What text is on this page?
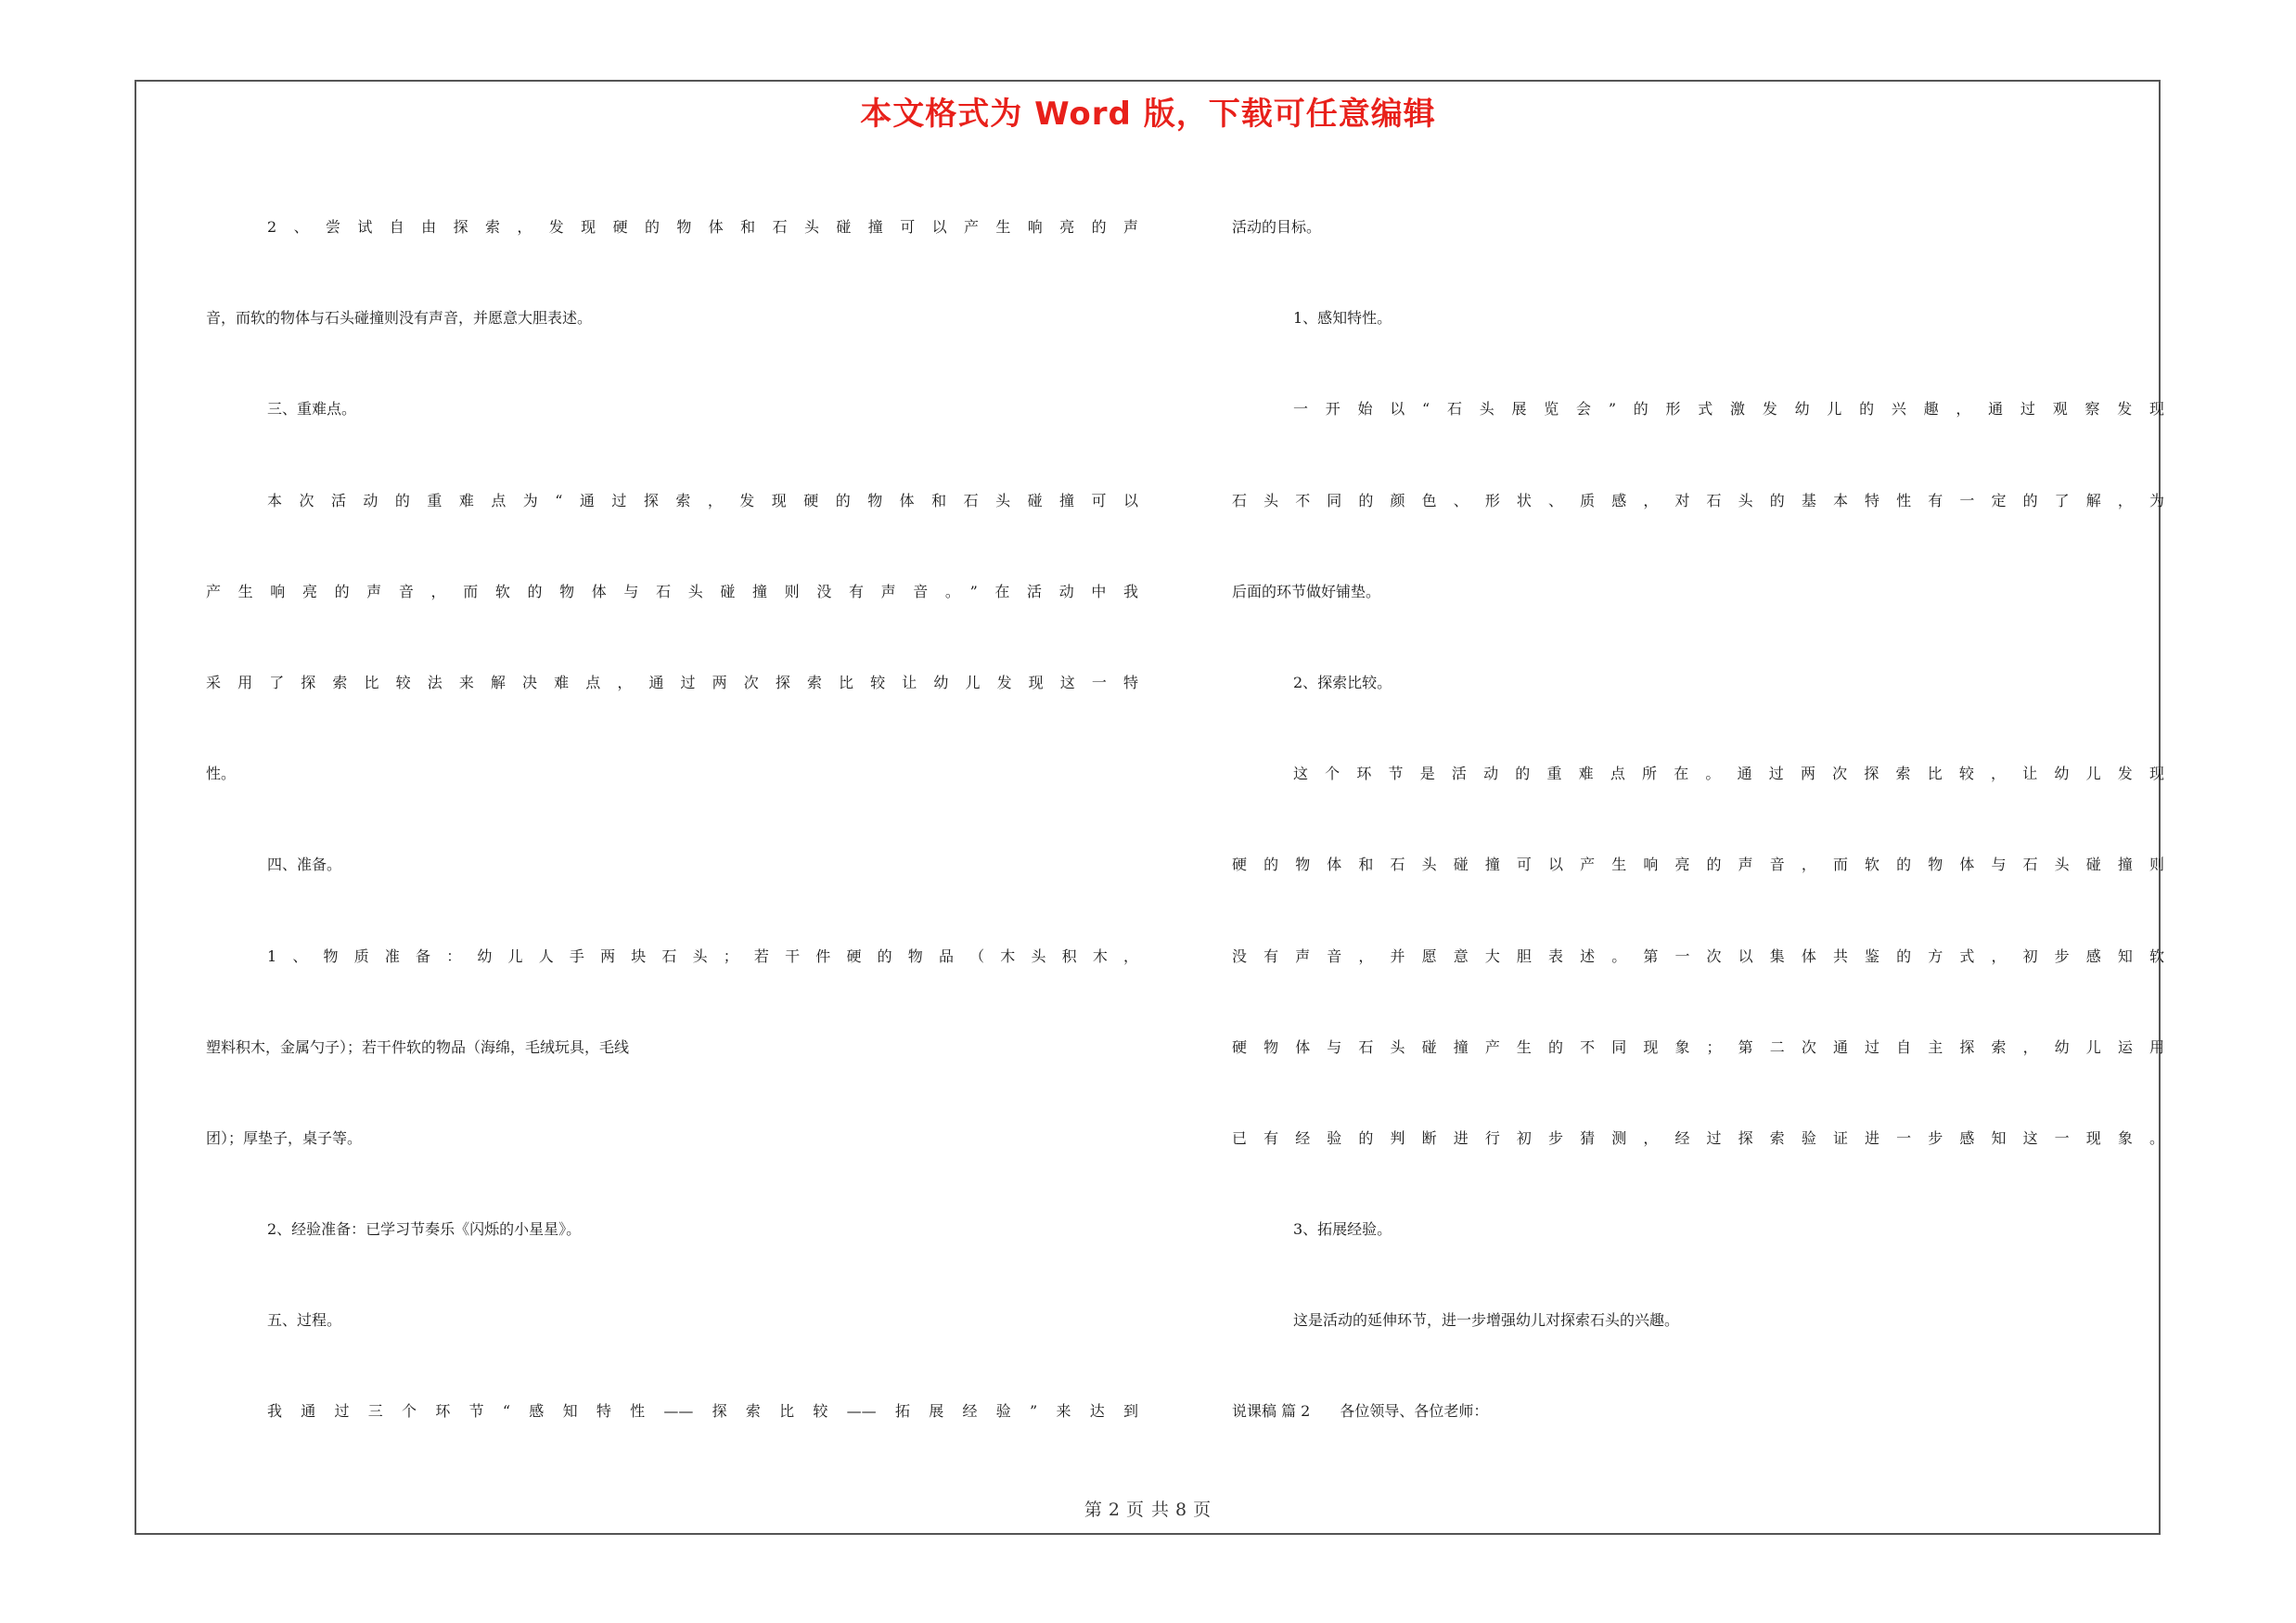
本文格式为 Word 版，下载可任意编辑
2、尝试自由探索，发现硬的物体和石头碰撞可以产生响亮的声
音，而软的物体与石头碰撞则没有声音，并愿意大胆表述。
三、重难点。
本次活动的重难点为“通过探索，发现硬的物体和石头碰撞可以
产生响亮的声音，而软的物体与石头碰撞则没有声音。”在活动中我
采用了探索比较法来解决难点，通过两次探索比较让幼儿发现这一特
性。
四、准备。
1、物质准备：幼儿人手两块石头；若干件硬的物品（木头积木，
塑料积木，金属勺子）；若干件软的物品（海绵，毛绒玩具，毛线
团）；厚垫子，桌子等。
2、经验准备：已学习节奏乐《闪烁的小星星》。
五、过程。
我通过三个环节“感知特性——探索比较——拓展经验”来达到
活动的目标。
1、感知特性。
一开始以“石头展览会”的形式激发幼儿的兴趣，通过观察发现
石头不同的颜色、形状、质感，对石头的基本特性有一定的了解，为
后面的环节做好铺垫。
2、探索比较。
这个环节是活动的重难点所在。通过两次探索比较，让幼儿发现
硬的物体和石头碰撞可以产生响亮的声音，而软的物体与石头碰撞则
没有声音，并愿意大胆表述。第一次以集体共鉴的方式，初步感知软
硬物体与石头碰撞产生的不同现象；第二次通过自主探索，幼儿运用
已有经验的判断进行初步猜测，经过探索验证进一步感知这一现象。
3、拓展经验。
这是活动的延伸环节，进一步增强幼儿对探索石头的兴趣。
说课稿 篇 2　　各位领导、各位老师：
第 2 页 共 8 页
